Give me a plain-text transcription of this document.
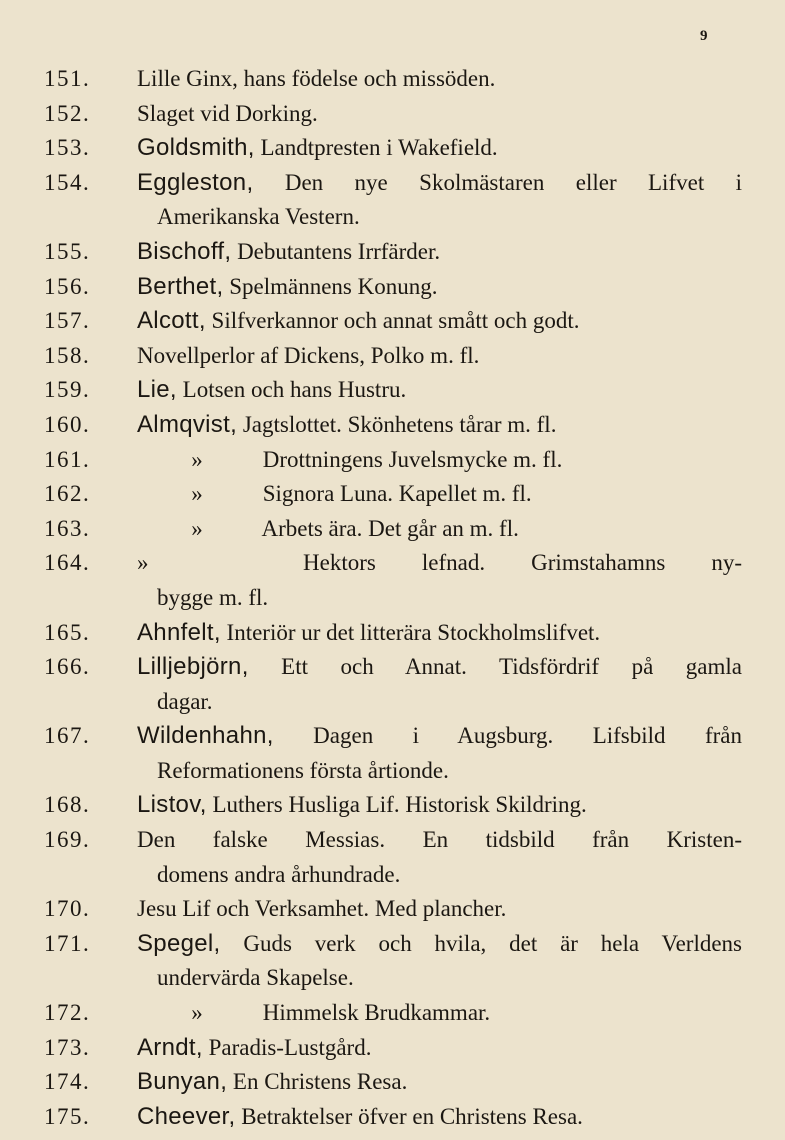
9
151. Lille Ginx, hans födelse och missöden.
152. Slaget vid Dorking.
153. Goldsmith, Landtpresten i Wakefield.
154. Eggleston, Den nye Skolmästaren eller Lifvet i
Amerikanska Vestern.
155. Bischoff, Debutantens Irrfärder.
156. Berthet, Spelmännens Konung.
157. Alcott, Silfverkannor och annat smått och godt.
158. Novellperlor af Dickens, Polko m. fl.
159. Lie, Lotsen och hans Hustru.
160. Almqvist, Jagtslottet. Skönhetens tårar m. fl.
161.	»	Drottningens Juvelsmycke m. fl.
162.	»	Signora Luna. Kapellet m. fl.
163.	»	Arbets ära. Det går an m. fl.
164. »	Hektors lefnad. Grimstahamns ny-
bygge m. fl.
165. Ahnfelt, Interiör ur det litterära Stockholmslifvet.
166. Lilljebjörn, Ett och Annat. Tidsfördrif på gamla
dagar.
167. Wildenhahn, Dagen i Augsburg. Lifsbild från
Reformationens första årtionde.
168. Listov, Luthers Husliga Lif. Historisk Skildring.
169. Den falske Messias. En tidsbild från Kristen-
domens andra århundrade.
170. Jesu Lif och Verksamhet. Med plancher.
171. Spegel, Guds verk och hvila, det är hela Verldens
undervärda Skapelse.
172.	»	Himmelsk Brudkammar.
173. Arndt, Paradis-Lustgård.
174. Bunyan, En Christens Resa.
175. Cheever, Betraktelser öfver en Christens Resa.
